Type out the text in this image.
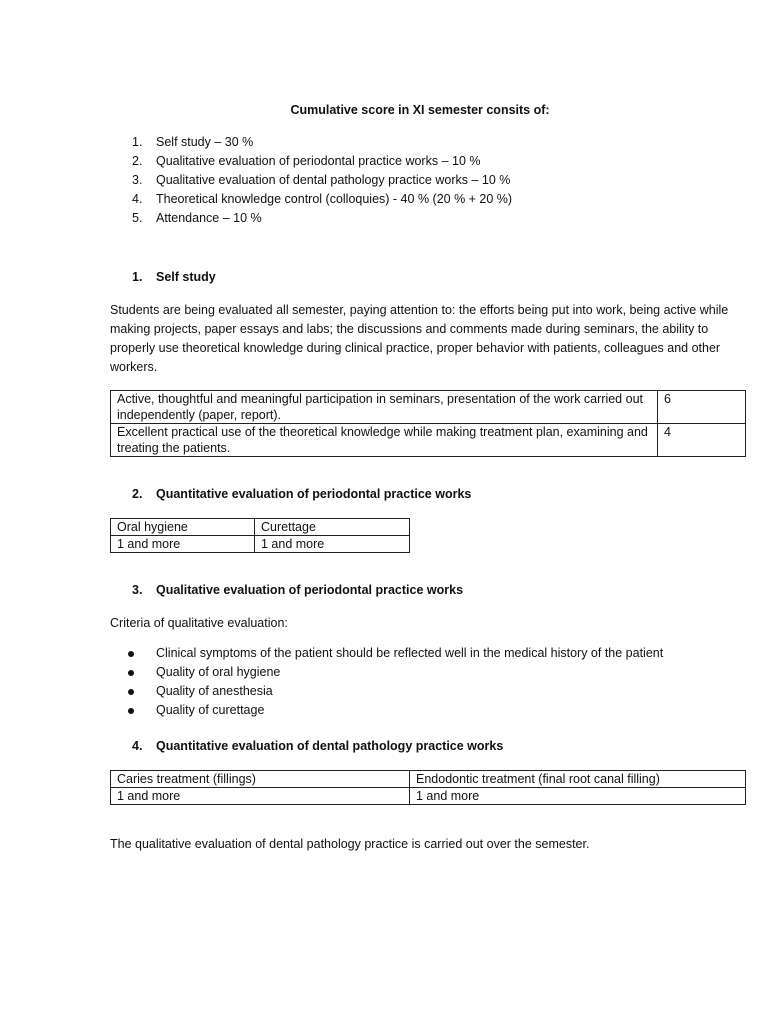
Cumulative score in XI semester consits of:
1. Self study – 30 %
2. Qualitative evaluation of periodontal practice works – 10 %
3. Qualitative evaluation of dental pathology practice works – 10 %
4. Theoretical knowledge control (colloquies) - 40 % (20 % + 20 %)
5. Attendance – 10 %
1. Self study
Students are being evaluated all semester, paying attention to: the efforts being put into work, being active while making projects, paper essays and labs; the discussions and comments made during seminars, the ability to properly use theoretical knowledge during clinical practice, proper behavior with patients, colleagues and other workers.
Active, thoughtful and meaningful participation in seminars, presentation of the work carried out independently (paper, report).	6
Excellent practical use of the theoretical knowledge while making treatment plan, examining and treating the patients.	4
2. Quantitative evaluation of periodontal practice works
Oral hygiene	Curettage
1 and more	1 and more
3. Qualitative evaluation of periodontal practice works
Criteria of qualitative evaluation:
Clinical symptoms of the patient should be reflected well in the medical history of the patient
Quality of oral hygiene
Quality of anesthesia
Quality of curettage
4. Quantitative evaluation of dental pathology practice works
Caries treatment (fillings)	Endodontic treatment (final root canal filling)
1 and more	1 and more
The qualitative evaluation of dental pathology practice is carried out over the semester.
